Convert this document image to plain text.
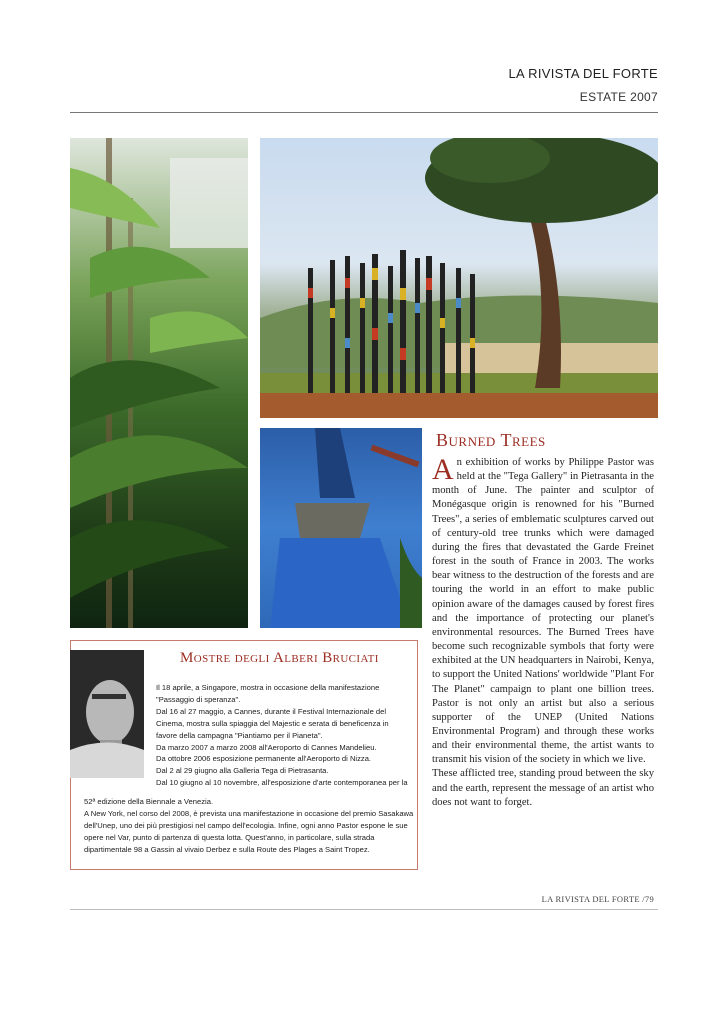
LA RIVISTA DEL FORTE
ESTATE 2007
Burned Trees

An exhibition of works by Philippe Pastor was held at the "Tega Gallery" in Pietrasanta in the month of June. The painter and sculptor of Monégasque origin is renowned for his "Burned Trees", a series of emblematic sculptures carved out of century-old tree trunks which were damaged during the fires that devastated the Garde Freinet forest in the south of France in 2003. The works bear witness to the destruction of the forests and are touring the world in an effort to make public opinion aware of the damages caused by forest fires and the importance of protecting our planet's environmental resources. The Burned Trees have become such recognizable symbols that forty were exhibited at the UN headquarters in Nairobi, Kenya, to support the United Nations' worldwide "Plant For The Planet" campaign to plant one billion trees. Pastor is not only an artist but also a serious supporter of the UNEP (United Nations Environmental Program) and through these works and their environmental theme, the artist wants to transmit his vision of the society in which we live.

These afflicted tree, standing proud between the sky and the earth, represent the message of an artist who does not want to forget.

Mostre degli Alberi Bruciati

Il 18 aprile, a Singapore, mostra in occasione della manifestazione "Passaggio di speranza".

Dal 16 al 27 maggio, a Cannes, durante il Festival Internazionale del Cinema, mostra sulla spiaggia del Majestic e serata di beneficenza in favore della campagna "Piantiamo per il Pianeta".

Da marzo 2007 a marzo 2008 all'Aeroporto di Cannes Mandelieu.

Da ottobre 2006 esposizione permanente all'Aeroporto di Nizza.

Dal 2 al 29 giugno alla Galleria Tega di Pietrasanta.

Dal 10 giugno al 10 novembre, all'esposizione d'arte contemporanea per la

52ª edizione della Biennale a Venezia.

A New York, nel corso del 2008, è prevista una manifestazione in occasione del premio Sasakawa dell'Unep, uno dei più prestigiosi nel campo dell'ecologia. Infine, ogni anno Pastor espone le sue opere nel Var, punto di partenza di questa lotta. Quest'anno, in particolare, sulla strada dipartimentale 98 a Gassin al vivaio Derbez e sulla Route des Plages a Saint Tropez.

LA RIVISTA DEL FORTE /79
